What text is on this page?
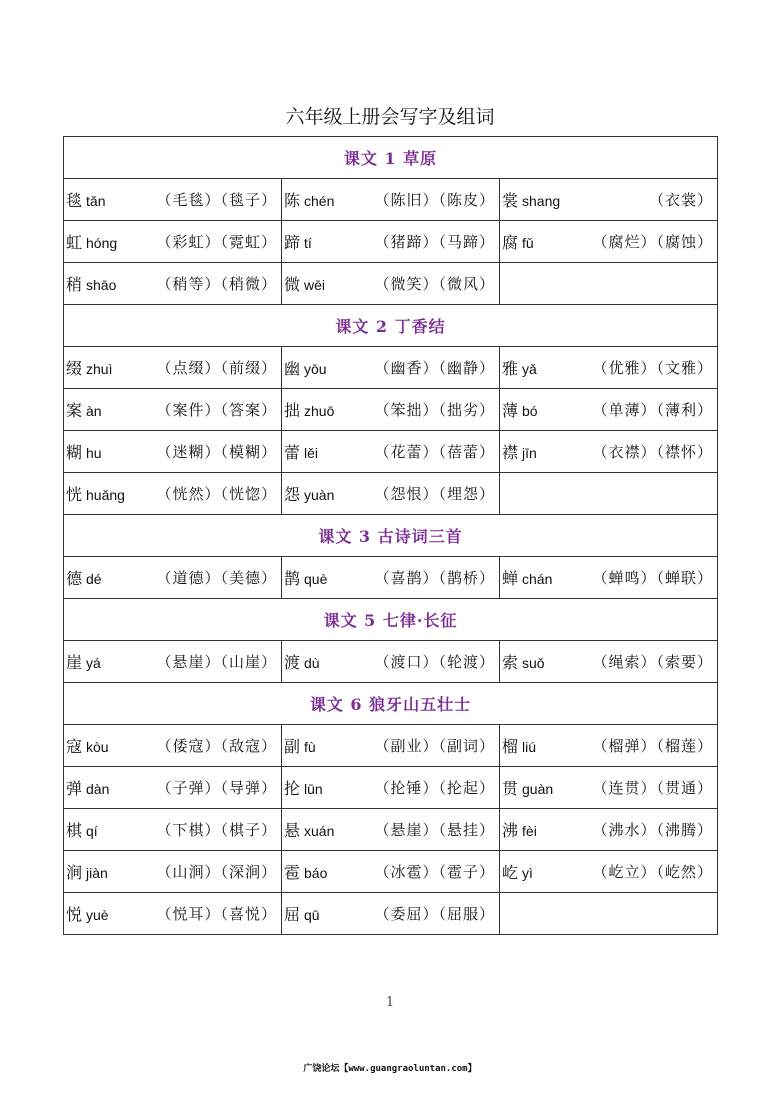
六年级上册会写字及组词
课文 1 草原		

毯 tǎn （毛毯）（毯子）	陈 chén （陈旧）（陈皮）	裳 shang （衣裳）

虹 hóng （彩虹）（霓虹）	蹄 tí （猪蹄）（马蹄）	腐 fǔ （腐烂）（腐蚀）

稍 shāo （稍等）（稍微）	微 wēi （微笑）（微风）	

课文 2 丁香结		

缀 zhuì （点缀）（前缀）	幽 yōu （幽香）（幽静）	雅 yǎ （优雅）（文雅）

案 àn （案件）（答案）	拙 zhuō （笨拙）（拙劣）	薄 bó （单薄）（薄利）

糊 hu （迷糊）（模糊）	蕾 lěi （花蕾）（蓓蕾）	襟 jīn （衣襟）（襟怀）

恍 huǎng （恍然）（恍惚）	怨 yuàn （怨恨）（埋怨）	

课文 3 古诗词三首		

德 dé （道德）（美德）	鹊 què （喜鹊）（鹊桥）	蝉 chán （蝉鸣）（蝉联）

课文 5 七律·长征		

崖 yá （悬崖）（山崖）	渡 dù （渡口）（轮渡）	索 suǒ （绳索）（索要）

课文 6 狼牙山五壮士		

寇 kòu （倭寇）（敌寇）	副 fù （副业）（副词）	榴 liú （榴弹）（榴莲）

弹 dàn （子弹）（导弹）	抡 lūn （抡锤）（抡起）	贯 guàn （连贯）（贯通）

棋 qí （下棋）（棋子）	悬 xuán （悬崖）（悬挂）	沸 fèi （沸水）（沸腾）

涧 jiàn （山涧）（深涧）	雹 báo （冰雹）（雹子）	屹 yì （屹立）（屹然）

悦 yuè （悦耳）（喜悦）	屈 qū （委屈）（屈服）	

1
广饶论坛【www.guangraoluntan.com】
